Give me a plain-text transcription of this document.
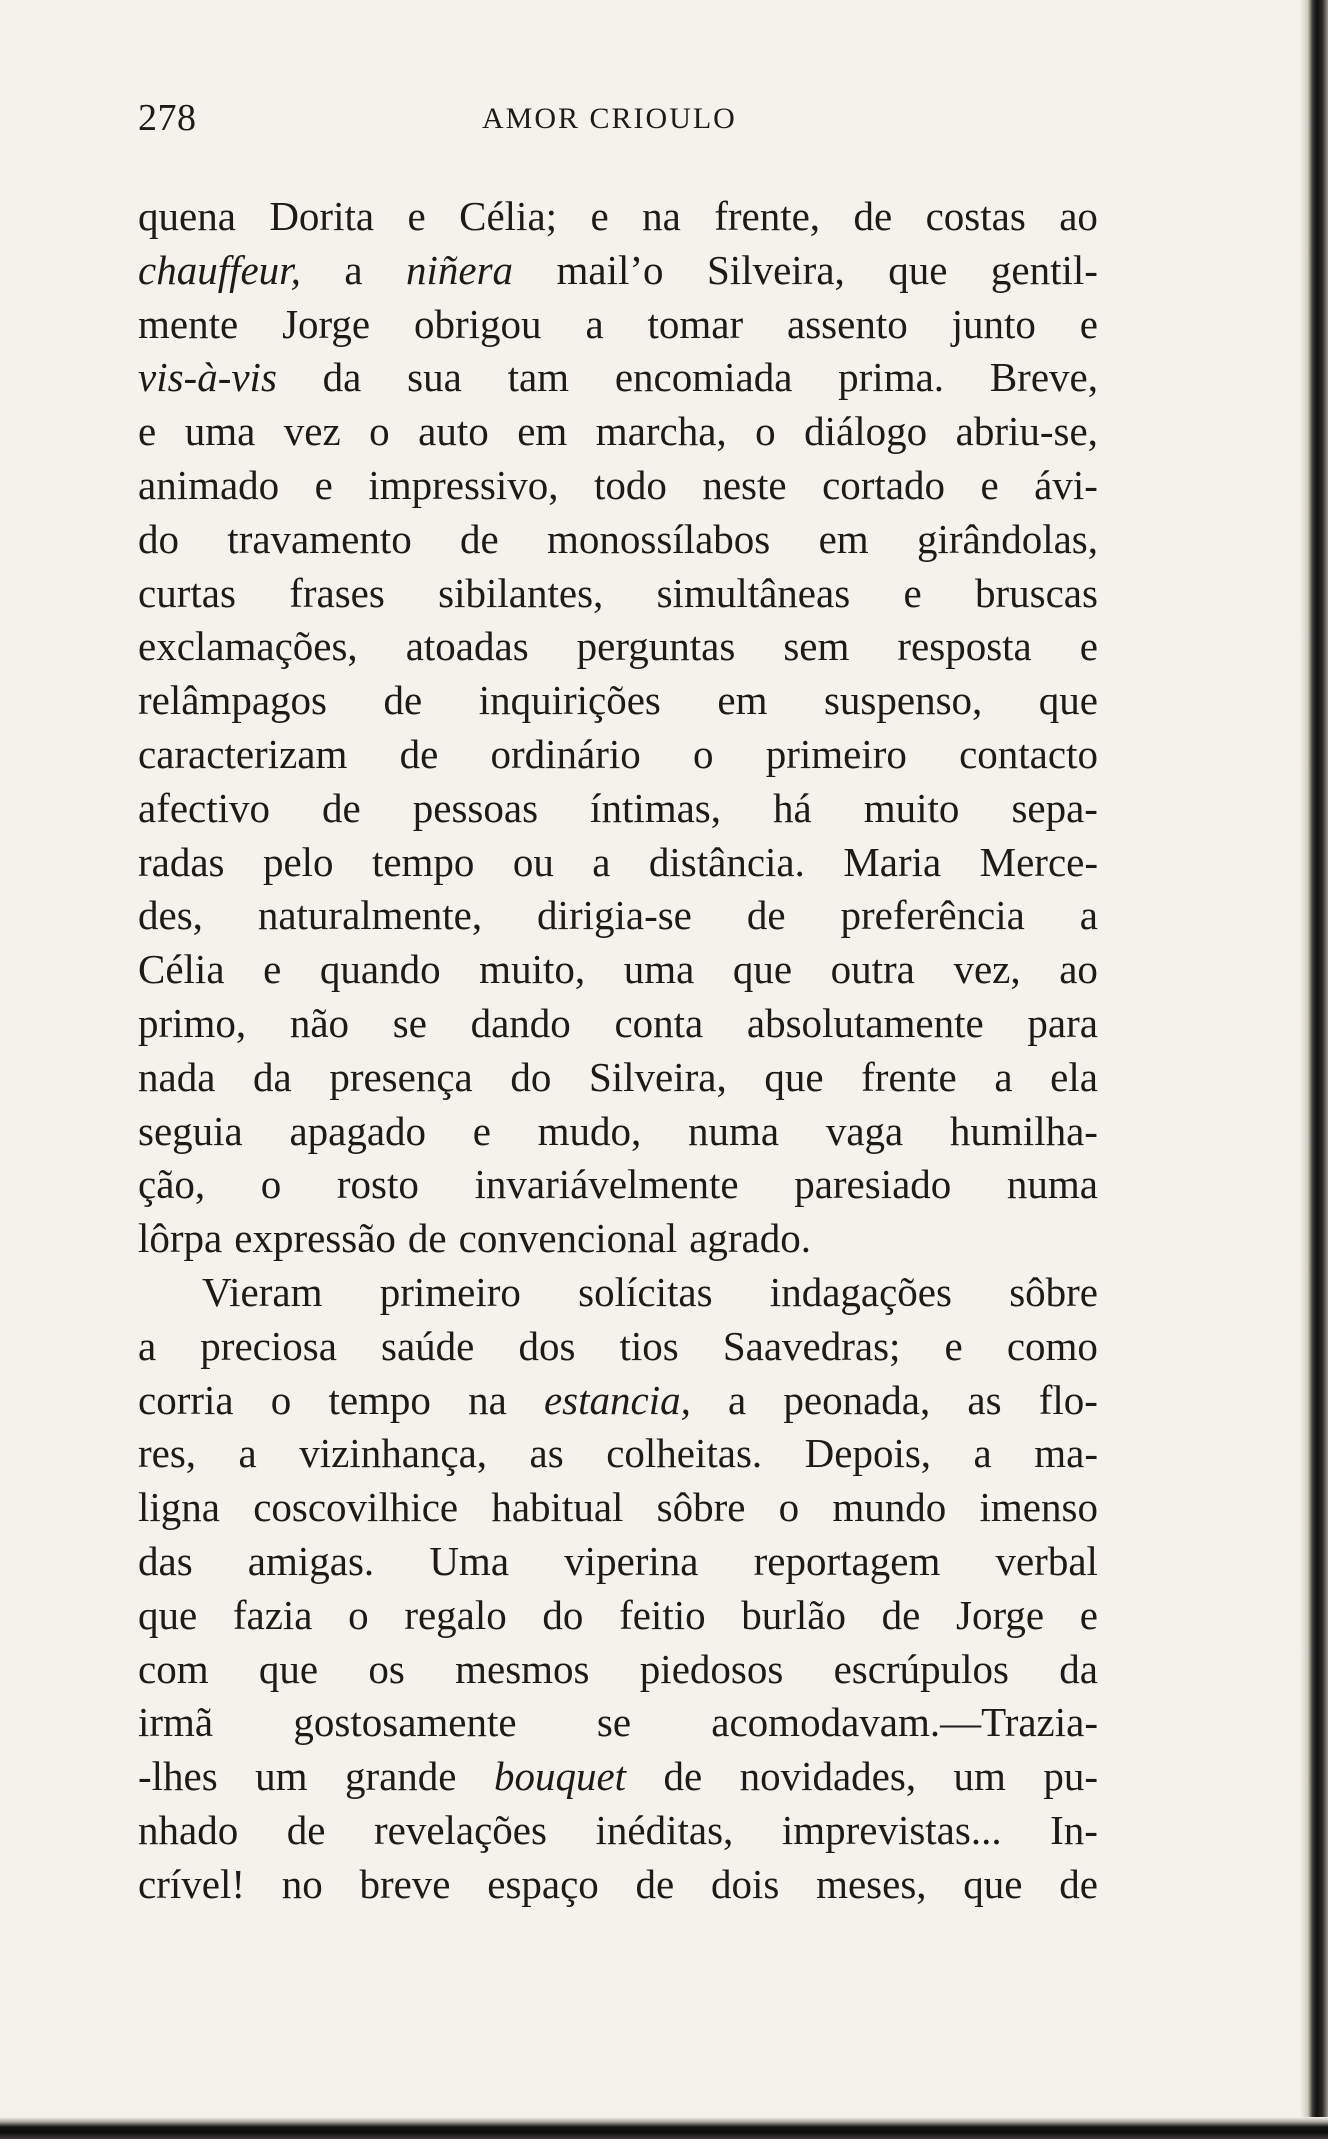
278	AMOR CRIOULO
quena Dorita e Célia; e na frente, de costas ao
chauffeur, a niñera mail’o Silveira, que gentil-
mente Jorge obrigou a tomar assento junto e
vis-à-vis da sua tam encomiada prima. Breve,
e uma vez o auto em marcha, o diálogo abriu-se,
animado e impressivo, todo neste cortado e ávi-
do travamento de monossílabos em girândolas,
curtas frases sibilantes, simultâneas e bruscas
exclamações, atoadas perguntas sem resposta e
relâmpagos de inquirições em suspenso, que
caracterizam de ordinário o primeiro contacto
afectivo de pessoas íntimas, há muito sepa-
radas pelo tempo ou a distância. Maria Merce-
des, naturalmente, dirigia-se de preferência a
Célia e quando muito, uma que outra vez, ao
primo, não se dando conta absolutamente para
nada da presença do Silveira, que frente a ela
seguia apagado e mudo, numa vaga humilha-
ção, o rosto invariávelmente paresiado numa
lôrpa expressão de convencional agrado.
Vieram primeiro solícitas indagações sôbre
a preciosa saúde dos tios Saavedras; e como
corria o tempo na estancia, a peonada, as flo-
res, a vizinhança, as colheitas. Depois, a ma-
ligna coscovilhice habitual sôbre o mundo imenso
das amigas. Uma viperina reportagem verbal
que fazia o regalo do feitio burlão de Jorge e
com que os mesmos piedosos escrúpulos da
irmã gostosamente se acomodavam.—Trazia-
-lhes um grande bouquet de novidades, um pu-
nhado de revelações inéditas, imprevistas... In-
crível! no breve espaço de dois meses, que de
